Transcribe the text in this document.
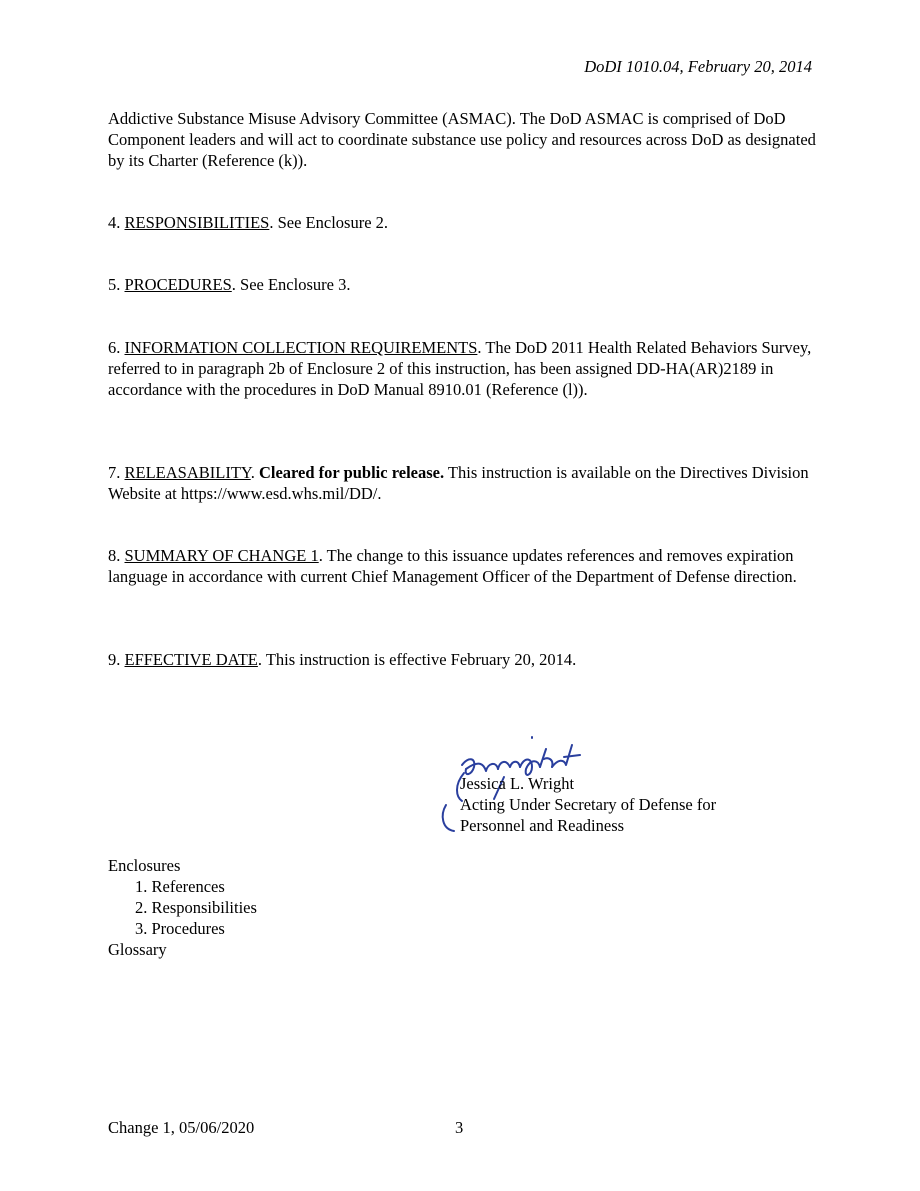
DoDI 1010.04, February 20, 2014

Addictive Substance Misuse Advisory Committee (ASMAC). The DoD ASMAC is comprised of DoD Component leaders and will act to coordinate substance use policy and resources across DoD as designated by its Charter (Reference (k)).

4. RESPONSIBILITIES. See Enclosure 2.

5. PROCEDURES. See Enclosure 3.

6. INFORMATION COLLECTION REQUIREMENTS. The DoD 2011 Health Related Behaviors Survey, referred to in paragraph 2b of Enclosure 2 of this instruction, has been assigned DD-HA(AR)2189 in accordance with the procedures in DoD Manual 8910.01 (Reference (l)).

7. RELEASABILITY. Cleared for public release. This instruction is available on the Directives Division Website at https://www.esd.whs.mil/DD/.

8. SUMMARY OF CHANGE 1. The change to this issuance updates references and removes expiration language in accordance with current Chief Management Officer of the Department of Defense direction.

9. EFFECTIVE DATE. This instruction is effective February 20, 2014.

Jessica L. Wright
Acting Under Secretary of Defense for
Personnel and Readiness
Enclosures
1. References
2. Responsibilities
3. Procedures
Glossary
Change 1, 05/06/2020	3
